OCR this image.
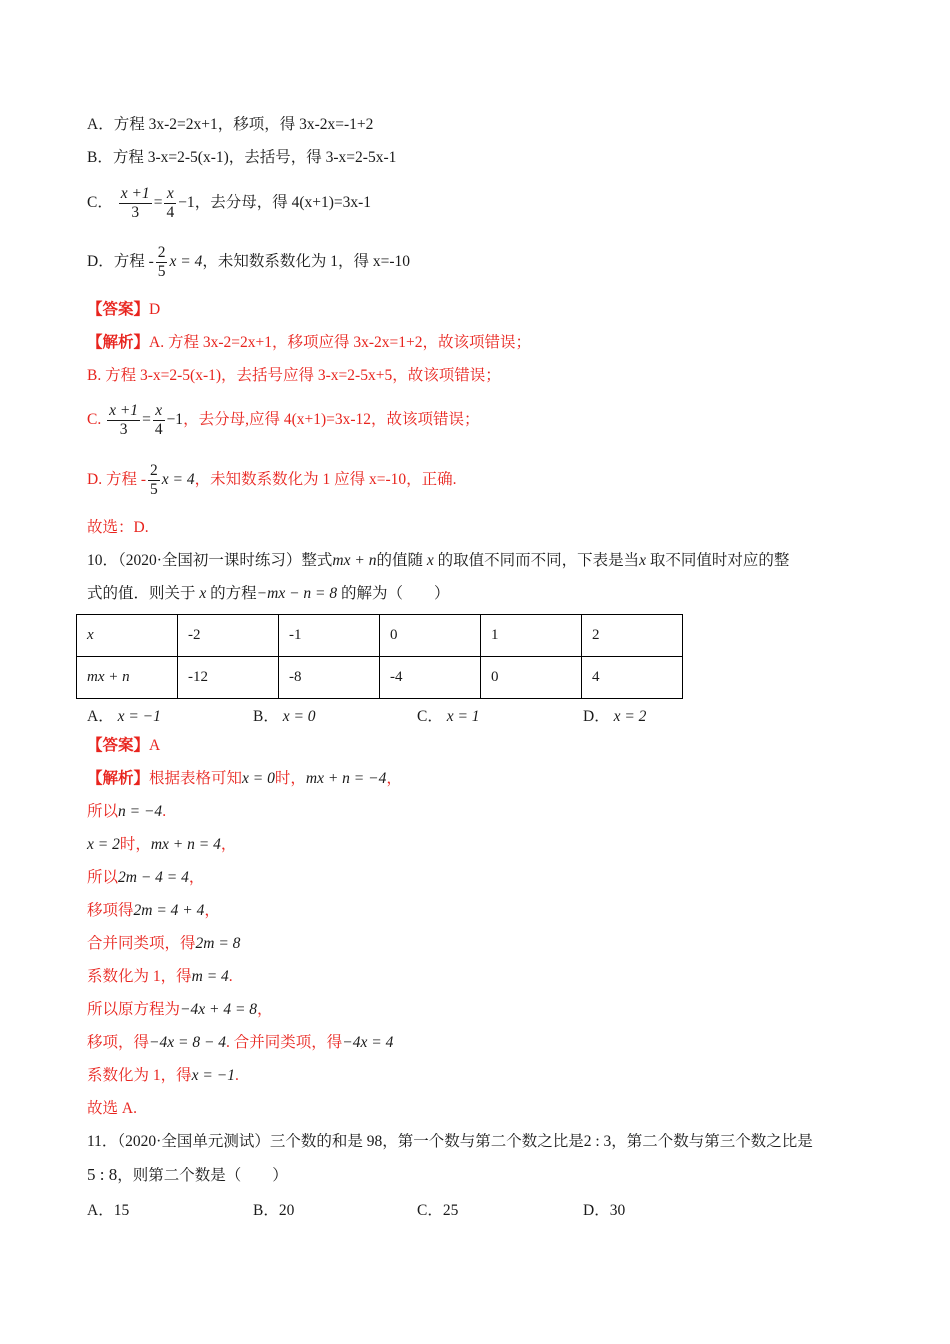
A．方程 3x-2=2x+1，移项，得 3x-2x=-1+2
B．方程 3-x=2-5(x-1)，去括号，得 3-x=2-5x-1
C． $\frac{x +1}{3} = \frac{x}{4} -1$，去分母，得 4(x+1)=3x-1
D．方程 - $\frac{2}{5}$ x = 4，未知数系数化为 1，得 x=-10
【答案】D
【解析】A. 方程 3x-2=2x+1，移项应得 3x-2x=1+2，故该项错误；
B. 方程 3-x=2-5(x-1)，去括号应得 3-x=2-5x+5，故该项错误；
C. $\frac{x +1}{3} = \frac{x}{4} -1$，去分母,应得 4(x+1)=3x-12，故该项错误；
D. 方程 - $\frac{2}{5}$ x = 4，未知数系数化为 1 应得 x=-10，正确.
故选：D.
10．（2020·全国初一课时练习）整式mx + n的值随 x 的取值不同而不同，下表是当x 取不同值时对应的整
式的值．则关于 x 的方程−mx − n = 8 的解为（　　）
x	-2	-1	0	1	2
mx + n	-12	-8	-4	0	4
A． x = −1	B． x = 0	C． x = 1	D． x = 2
【答案】A
【解析】根据表格可知x = 0时，mx + n = −4，
所以n = −4.
x = 2时，mx + n = 4，
所以2m − 4 = 4，
移项得2m = 4 + 4，
合并同类项，得2m = 8
系数化为 1，得m = 4.
所以原方程为−4x + 4 = 8，
移项，得−4x = 8 − 4. 合并同类项，得−4x = 4
系数化为 1，得x = −1.
故选 A.
11．（2020·全国单元测试）三个数的和是 98，第一个数与第二个数之比是2 : 3，第二个数与第三个数之比是
5 : 8，则第二个数是（　　）
A．15	B．20	C．25	D．30
